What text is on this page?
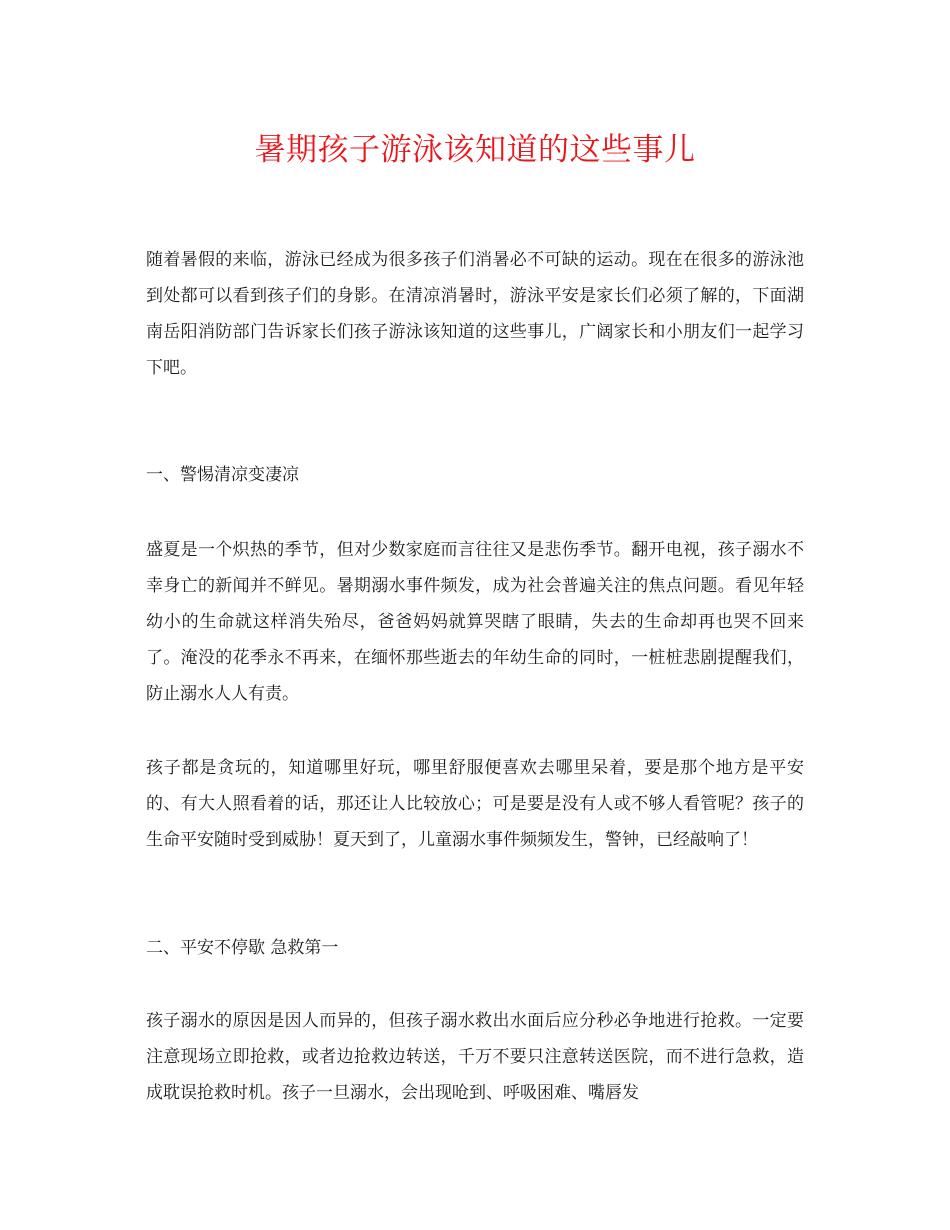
暑期孩子游泳该知道的这些事儿

随着暑假的来临，游泳已经成为很多孩子们消暑必不可缺的运动。现在在很多的游泳池到处都可以看到孩子们的身影。在清凉消暑时，游泳平安是家长们必须了解的，下面湖南岳阳消防部门告诉家长们孩子游泳该知道的这些事儿，广阔家长和小朋友们一起学习下吧。

一、警惕清凉变凄凉

盛夏是一个炽热的季节，但对少数家庭而言往往又是悲伤季节。翻开电视，孩子溺水不幸身亡的新闻并不鲜见。暑期溺水事件频发，成为社会普遍关注的焦点问题。看见年轻幼小的生命就这样消失殆尽，爸爸妈妈就算哭瞎了眼睛，失去的生命却再也哭不回来了。淹没的花季永不再来，在缅怀那些逝去的年幼生命的同时，一桩桩悲剧提醒我们，防止溺水人人有责。

孩子都是贪玩的，知道哪里好玩，哪里舒服便喜欢去哪里呆着，要是那个地方是平安的、有大人照看着的话，那还让人比较放心；可是要是没有人或不够人看管呢？孩子的生命平安随时受到威胁！夏天到了，儿童溺水事件频频发生，警钟，已经敲响了！

二、平安不停歇 急救第一

孩子溺水的原因是因人而异的，但孩子溺水救出水面后应分秒必争地进行抢救。一定要注意现场立即抢救，或者边抢救边转送，千万不要只注意转送医院，而不进行急救，造成耽误抢救时机。孩子一旦溺水，会出现呛到、呼吸困难、嘴唇发
